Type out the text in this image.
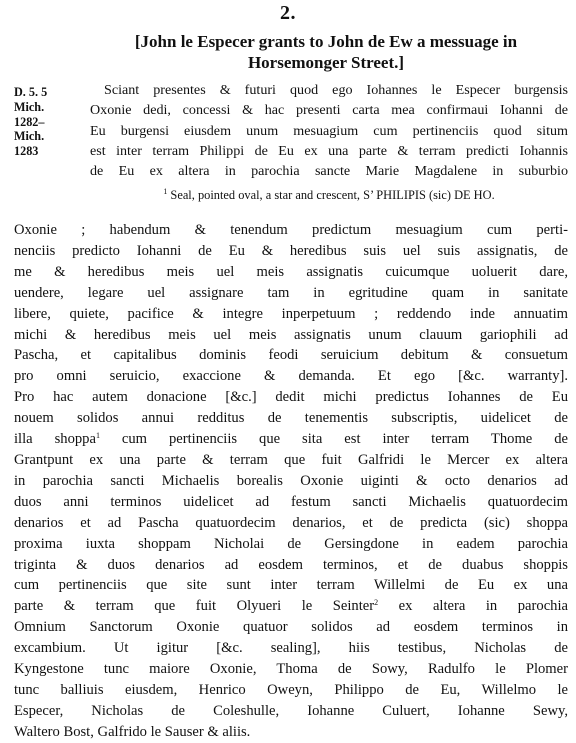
2.
[John le Especer grants to John de Ew a messuage in
Horsemonger Street.]
D. 5. 5
Mich.
1282–
Mich.
1283
Sciant presentes & futuri quod ego Iohannes le Especer burgensis
Oxonie dedi, concessi & hac presenti carta mea confirmaui Iohanni de
Eu burgensi eiusdem unum mesuagium cum pertinenciis quod situm
est inter terram Philippi de Eu ex una parte & terram predicti Iohannis
de Eu ex altera in parochia sancte Marie Magdalene in suburbio
$^1$ Seal, pointed oval, a star and crescent, S’ PHILIPIS (sic) DE HO.
Oxonie ; habendum & tenendum predictum mesuagium cum perti-
nenciis predicto Iohanni de Eu & heredibus suis uel suis assignatis, de
me & heredibus meis uel meis assignatis cuicumque uoluerit dare,
uendere, legare uel assignare tam in egritudine quam in sanitate
libere, quiete, pacifice & integre inperpetuum ; reddendo inde annuatim
michi & heredibus meis uel meis assignatis unum clauum gariophili ad
Pascha, et capitalibus dominis feodi seruicium debitum & consuetum
pro omni seruicio, exaccione & demanda. Et ego [&c. warranty].
Pro hac autem donacione [&c.] dedit michi predictus Iohannes de Eu
nouem solidos annui redditus de tenementis subscriptis, uidelicet de
illa shoppa$^1$ cum pertinenciis que sita est inter terram Thome de
Grantpunt ex una parte & terram que fuit Galfridi le Mercer ex altera
in parochia sancti Michaelis borealis Oxonie uiginti & octo denarios ad
duos anni terminos uidelicet ad festum sancti Michaelis quatuordecim
denarios et ad Pascha quatuordecim denarios, et de predicta (sic) shoppa
proxima iuxta shoppam Nicholai de Gersingdone in eadem parochia
triginta & duos denarios ad eosdem terminos, et de duabus shoppis
cum pertinenciis que site sunt inter terram Willelmi de Eu ex una
parte & terram que fuit Olyueri le Seinter$^2$ ex altera in parochia
Omnium Sanctorum Oxonie quatuor solidos ad eosdem terminos in
excambium. Ut igitur [&c. sealing], hiis testibus, Nicholas de
Kyngestone tunc maiore Oxonie, Thoma de Sowy, Radulfo le Plomer
tunc balliuis eiusdem, Henrico Oweyn, Philippo de Eu, Willelmo le
Especer, Nicholas de Coleshulle, Iohanne Culuert, Iohanne Sewy,
Waltero Bost, Galfrido le Sauser & aliis.
